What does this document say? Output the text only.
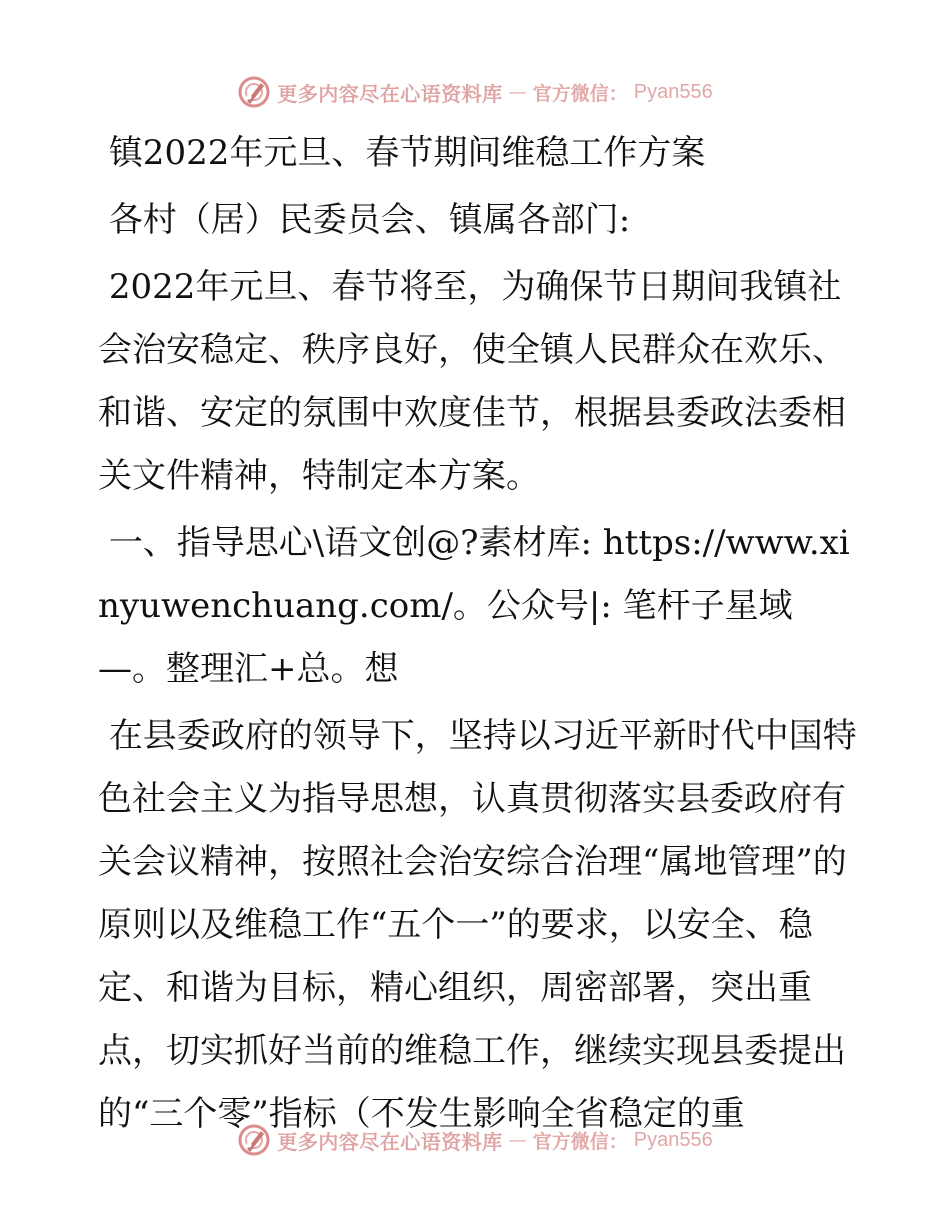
更多内容尽在心语资料库 — 官方微信： Pyan556

镇2022年元旦、春节期间维稳工作方案

各村（居）民委员会、镇属各部门:

2022年元旦、春节将至，为确保节日期间我镇社会治安稳定、秩序良好，使全镇人民群众在欢乐、和谐、安定的氛围中欢度佳节，根据县委政法委相关文件精神，特制定本方案。

一、指导思心\语文创@?素材库: https://www.xinyuwenchuang.com/。公众号|: 笔杆子星域—。整理汇+总。想

在县委政府的领导下，坚持以习近平新时代中国特色社会主义为指导思想，认真贯彻落实县委政府有关会议精神，按照社会治安综合治理“属地管理”的原则以及维稳工作“五个一”的要求，以安全、稳定、和谐为目标，精心组织，周密部署，突出重点，切实抓好当前的维稳工作，继续实现县委提出的“三个零”指标（不发生影响全省稳定的重

更多内容尽在心语资料库 — 官方微信： Pyan556
